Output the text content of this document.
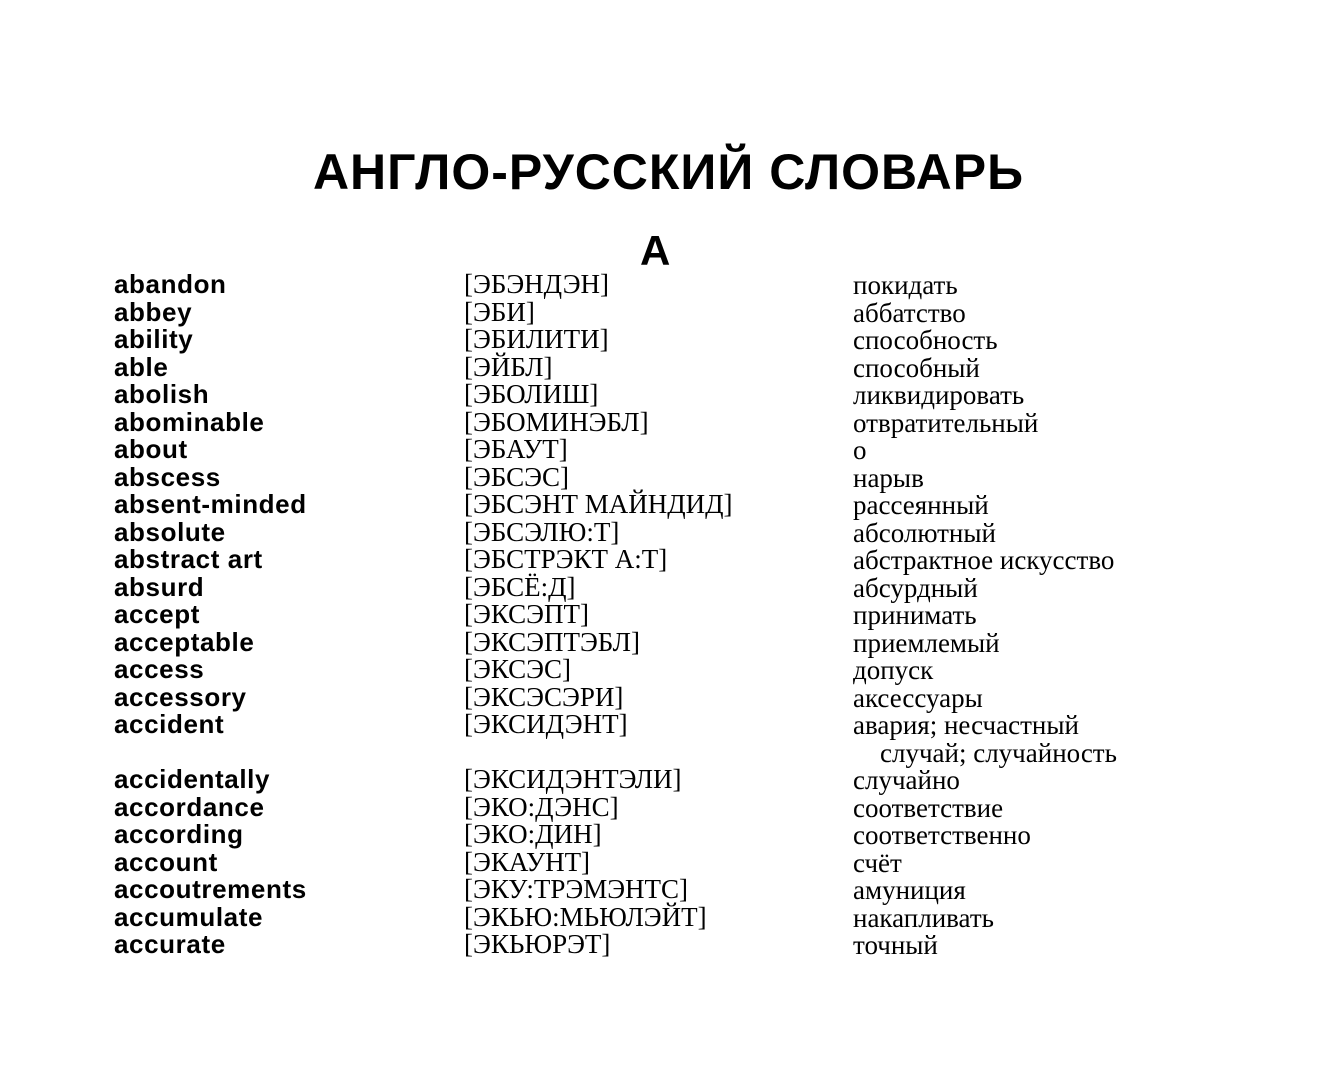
АНГЛО-РУССКИЙ СЛОВАРЬ
A
abandon	[ЭБЭНДЭН]	покидать
abbey	[ЭБИ]	аббатство
ability	[ЭБИЛИТИ]	способность
able	[ЭЙБЛ]	способный
abolish	[ЭБОЛИШ]	ликвидировать
abominable	[ЭБОМИНЭБЛ]	отвратительный
about	[ЭБАУТ]	о
abscess	[ЭБСЭС]	нарыв
absent-minded	[ЭБСЭНТ МАЙНДИД]	рассеянный
absolute	[ЭБСЭЛЮ:Т]	абсолютный
abstract art	[ЭБСТРЭКТ А:Т]	абстрактное искусство
absurd	[ЭБСЁ:Д]	абсурдный
accept	[ЭКСЭПТ]	принимать
acceptable	[ЭКСЭПТЭБЛ]	приемлемый
access	[ЭКСЭС]	допуск
accessory	[ЭКСЭСЭРИ]	аксессуары
accident	[ЭКСИДЭНТ]	авария; несчастный
случай; случайность
accidentally	[ЭКСИДЭНТЭЛИ]	случайно
accordance	[ЭКО:ДЭНС]	соответствие
according	[ЭКО:ДИН]	соответственно
account	[ЭКАУНТ]	счёт
accoutrements	[ЭКУ:ТРЭМЭНТС]	амуниция
accumulate	[ЭКЬЮ:МЬЮЛЭЙТ]	накапливать
accurate	[ЭКЬЮРЭТ]	точный
